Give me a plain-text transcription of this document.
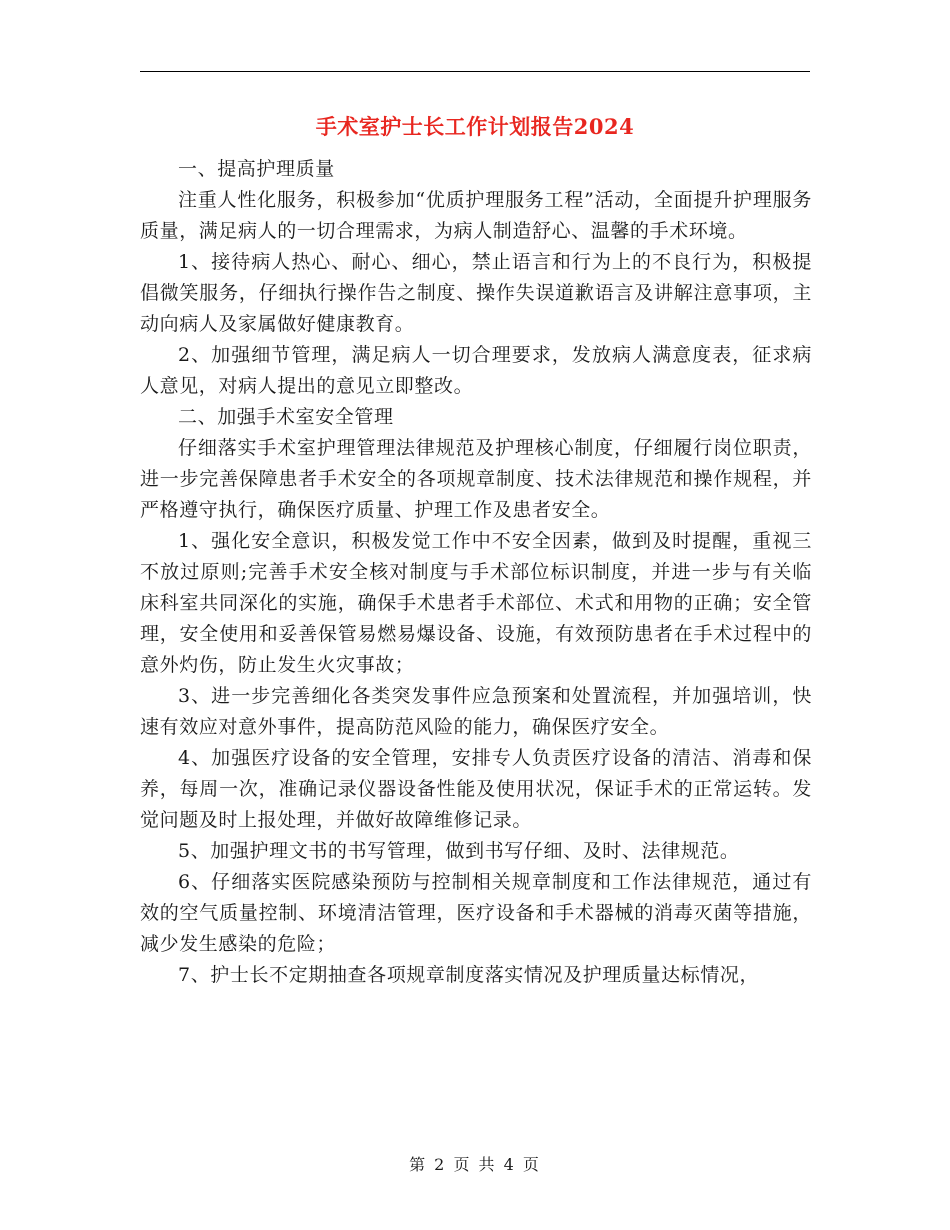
手术室护士长工作计划报告2024

一、提高护理质量

注重人性化服务，积极参加“优质护理服务工程”活动，全面提升护理服务质量，满足病人的一切合理需求，为病人制造舒心、温馨的手术环境。

1、接待病人热心、耐心、细心，禁止语言和行为上的不良行为，积极提倡微笑服务，仔细执行操作告之制度、操作失误道歉语言及讲解注意事项，主动向病人及家属做好健康教育。

2、加强细节管理，满足病人一切合理要求，发放病人满意度表，征求病人意见，对病人提出的意见立即整改。

二、加强手术室安全管理

仔细落实手术室护理管理法律规范及护理核心制度，仔细履行岗位职责，进一步完善保障患者手术安全的各项规章制度、技术法律规范和操作规程，并严格遵守执行，确保医疗质量、护理工作及患者安全。

1、强化安全意识，积极发觉工作中不安全因素，做到及时提醒，重视三不放过原则;完善手术安全核对制度与手术部位标识制度，并进一步与有关临床科室共同深化的实施，确保手术患者手术部位、术式和用物的正确；安全管理，安全使用和妥善保管易燃易爆设备、设施，有效预防患者在手术过程中的意外灼伤，防止发生火灾事故；

3、进一步完善细化各类突发事件应急预案和处置流程，并加强培训，快速有效应对意外事件，提高防范风险的能力，确保医疗安全。

4、加强医疗设备的安全管理，安排专人负责医疗设备的清洁、消毒和保养，每周一次，准确记录仪器设备性能及使用状况，保证手术的正常运转。发觉问题及时上报处理，并做好故障维修记录。

5、加强护理文书的书写管理，做到书写仔细、及时、法律规范。

6、仔细落实医院感染预防与控制相关规章制度和工作法律规范，通过有效的空气质量控制、环境清洁管理，医疗设备和手术器械的消毒灭菌等措施，减少发生感染的危险；

7、护士长不定期抽查各项规章制度落实情况及护理质量达标情况，

第 2 页 共 4 页
